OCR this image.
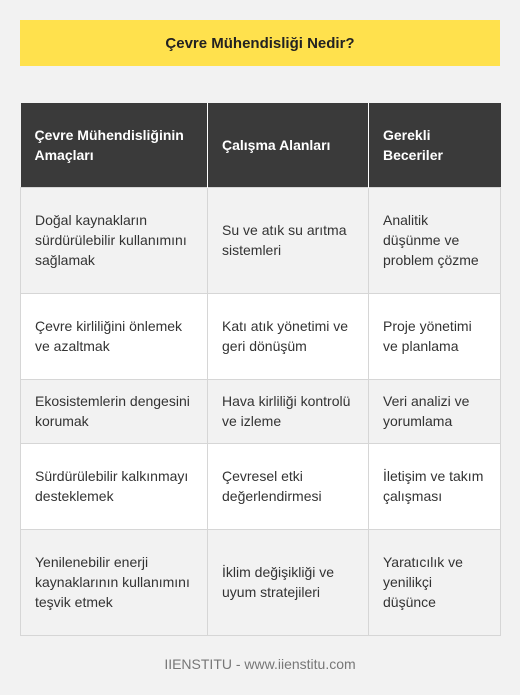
Çevre Mühendisliği Nedir?
Çevre Mühendisliğinin Amaçları	Çalışma Alanları	Gerekli Beceriler
Doğal kaynakların sürdürülebilir kullanımını sağlamak	Su ve atık su arıtma sistemleri	Analitik düşünme ve problem çözme
Çevre kirliliğini önlemek ve azaltmak	Katı atık yönetimi ve geri dönüşüm	Proje yönetimi ve planlama
Ekosistemlerin dengesini korumak	Hava kirliliği kontrolü ve izleme	Veri analizi ve yorumlama
Sürdürülebilir kalkınmayı desteklemek	Çevresel etki değerlendirmesi	İletişim ve takım çalışması
Yenilenebilir enerji kaynaklarının kullanımını teşvik etmek	İklim değişikliği ve uyum stratejileri	Yaratıcılık ve yenilikçi düşünce
IIENSTITU - www.iienstitu.com
